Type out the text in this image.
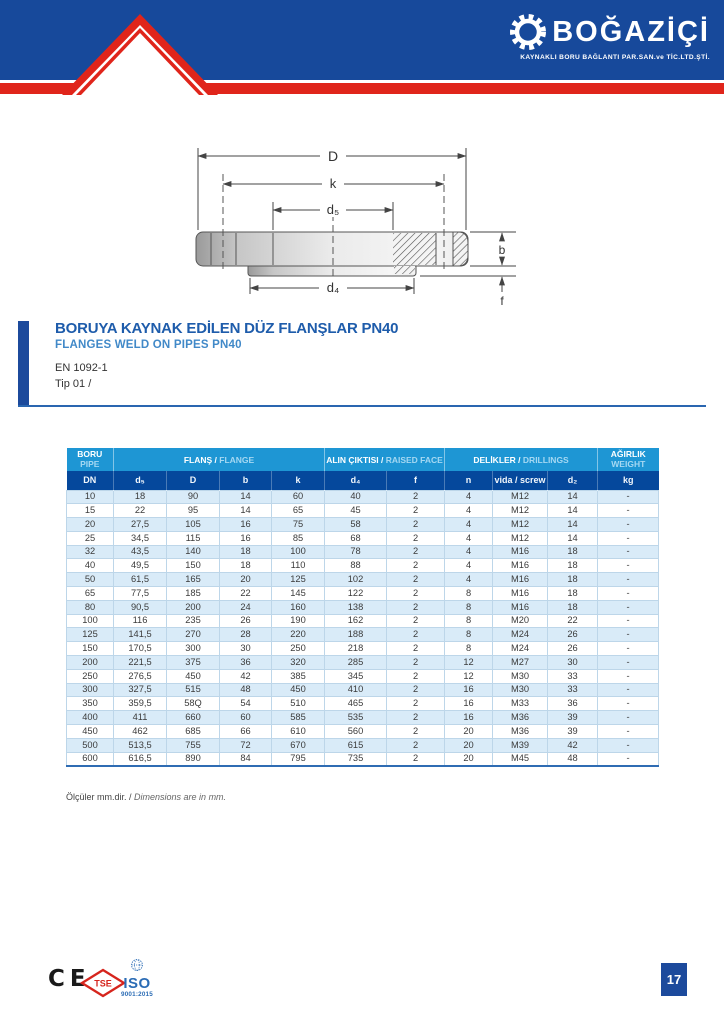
BOĞAZİÇİ
KAYNAKLI BORU BAĞLANTI PAR.SAN.ve TİC.LTD.ŞTİ.
D
k
d₅
d₄
b
f
BORUYA KAYNAK EDİLEN DÜZ FLANŞLAR PN40
FLANGES WELD ON PIPES PN40
EN 1092-1
Tip 01 /
BORU
PIPE	FLANŞ / FLANGE				ALIN ÇIKTISI / RAISED FACE		DELİKLER / DRILLINGS			AĞIRLIK
WEIGHT

DN	d₅	D	b	k	d₄	f	n	vida / screw	d₂	kg
10	18	90	14	60	40	2	4	M12	14	-
15	22	95	14	65	45	2	4	M12	14	-
20	27,5	105	16	75	58	2	4	M12	14	-
25	34,5	115	16	85	68	2	4	M12	14	-
32	43,5	140	18	100	78	2	4	M16	18	-
40	49,5	150	18	110	88	2	4	M16	18	-
50	61,5	165	20	125	102	2	4	M16	18	-
65	77,5	185	22	145	122	2	8	M16	18	-
80	90,5	200	24	160	138	2	8	M16	18	-
100	116	235	26	190	162	2	8	M20	22	-
125	141,5	270	28	220	188	2	8	M24	26	-
150	170,5	300	30	250	218	2	8	M24	26	-
200	221,5	375	36	320	285	2	12	M27	30	-
250	276,5	450	42	385	345	2	12	M30	33	-
300	327,5	515	48	450	410	2	16	M30	33	-
350	359,5	58Q	54	510	465	2	16	M33	36	-
400	411	660	60	585	535	2	16	M36	39	-
450	462	685	66	610	560	2	20	M36	39	-
500	513,5	755	72	670	615	2	20	M39	42	-
600	616,5	890	84	795	735	2	20	M45	48	-
Ölçüler mm.dir. / Dimensions are in mm.
CE TSE ISO
9001:2015
17
